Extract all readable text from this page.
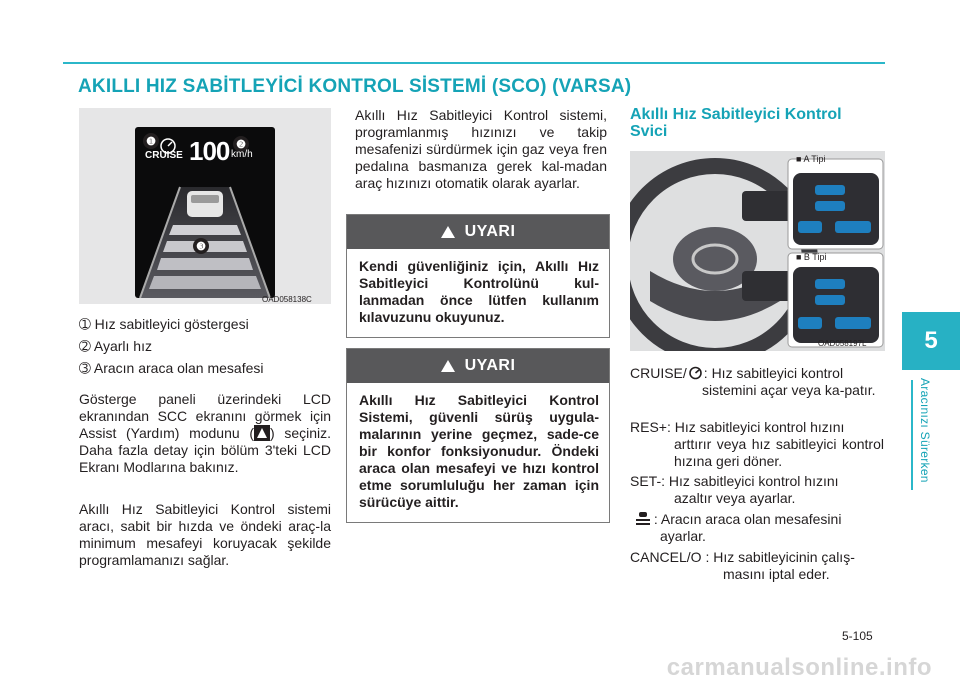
AKILLI HIZ SABİTLEYİCİ KONTROL SİSTEMİ (SCO) (VARSA)
5
Aracınızı Sürerken
❶
CRUISE 100 ❷
km/h
❸
OAD058138C

➀ Hız sabitleyici göstergesi

➁ Ayarlı hız

➂ Aracın araca olan mesafesi

Gösterge paneli üzerindeki LCD ekranından SCC ekranını görmek için Assist (Yardım) modunu ( ) seçiniz. Daha fazla detay için bölüm 3'teki LCD Ekranı Modlarına bakınız.
Akıllı Hız Sabitleyici Kontrol sistemi aracı, sabit bir hızda ve öndeki araç-la minimum mesafeyi koruyacak şekilde programlamanızı sağlar.
Akıllı Hız Sabitleyici Kontrol sistemi, programlanmış hızınızı ve takip mesafenizi sürdürmek için gaz veya fren pedalına basmanıza gerek kal-madan araç hızınızı otomatik olarak ayarlar.
UYARI
Kendi güvenliğiniz için, Akıllı Hız Sabitleyici Kontrolünü kul-lanmadan önce lütfen kullanım kılavuzunu okuyunuz.
UYARI
Akıllı Hız Sabitleyici Kontrol Sistemi, güvenli sürüş uygula-malarının yerine geçmez, sade-ce bir konfor fonksiyonudur. Öndeki araca olan mesafeyi ve hızı kontrol etme sorumluluğu her zaman için sürücüye aittir.
Akıllı Hız Sabitleyici Kontrol Svici
■ A Tipi
■ B Tipi
OAD058197L
CRUISE/ : Hız sabitleyici kontrol
sistemini açar veya ka-patır.
RES+: Hız sabitleyici kontrol hızını
arttırır veya hız sabitleyici kontrol hızına geri döner.
SET-: Hız sabitleyici kontrol hızını
azaltır veya ayarlar.
: Aracın araca olan mesafesini
ayarlar.
CANCEL/O : Hız sabitleyicinin çalış-
masını iptal eder.
5-105
carmanualsonline.info
